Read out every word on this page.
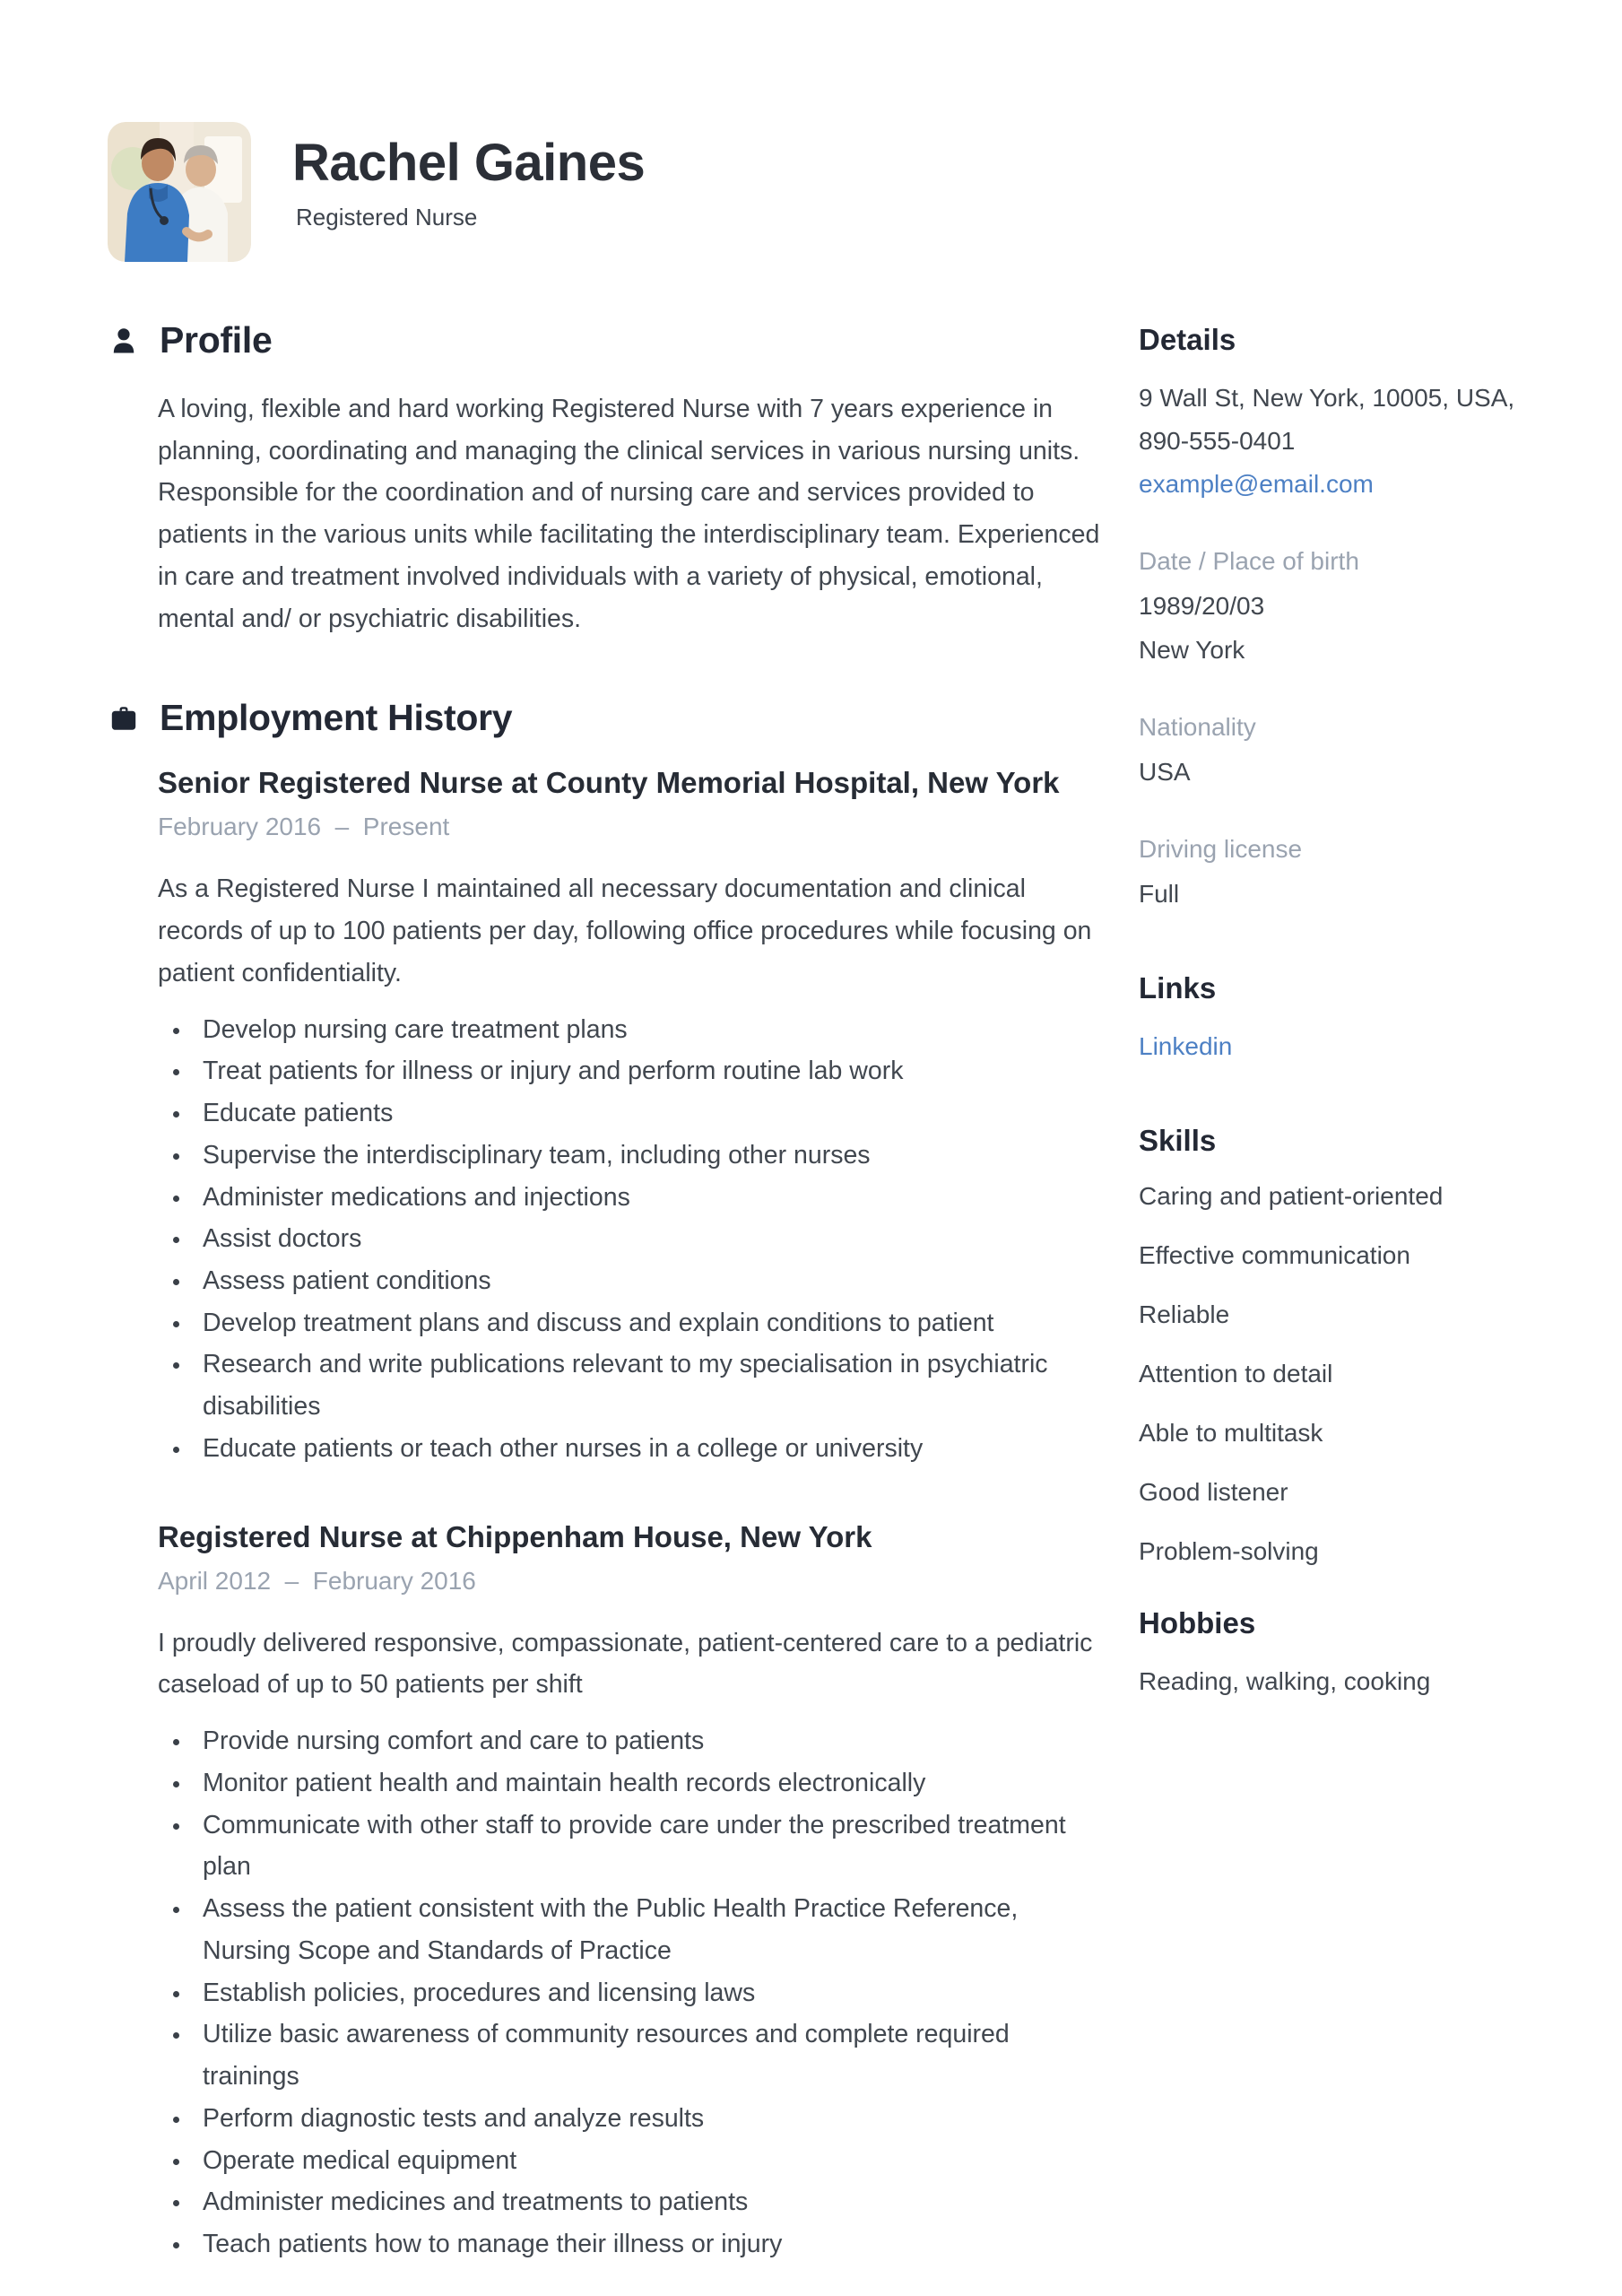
Rachel Gaines
Registered Nurse
Profile

A loving, flexible and hard working Registered Nurse with 7 years experience in planning, coordinating and managing the clinical services in various nursing units. Responsible for the coordination and of nursing care and services provided to patients in the various units while facilitating the interdisciplinary team. Experienced in care and treatment involved individuals with a variety of physical, emotional, mental and/ or psychiatric disabilities.

Employment History
Senior Registered Nurse at County Memorial Hospital, New York
February 2016  –  Present

As a Registered Nurse I maintained all necessary documentation and clinical records of up to 100 patients per day, following office procedures while focusing on patient confidentiality.

• Develop nursing care treatment plans
• Treat patients for illness or injury and perform routine lab work
• Educate patients
• Supervise the interdisciplinary team, including other nurses
• Administer medications and injections
• Assist doctors
• Assess patient conditions
• Develop treatment plans and discuss and explain conditions to patient
• Research and write publications relevant to my specialisation in psychiatric disabilities
• Educate patients or teach other nurses in a college or university
Registered Nurse at Chippenham House, New York
April 2012  –  February 2016

I proudly delivered responsive, compassionate, patient-centered care to a pediatric caseload of up to 50 patients per shift

• Provide nursing comfort and care to patients
• Monitor patient health and maintain health records electronically
• Communicate with other staff to provide care under the prescribed treatment plan
• Assess the patient consistent with the Public Health Practice Reference, Nursing Scope and Standards of Practice
• Establish policies, procedures and licensing laws
• Utilize basic awareness of community resources and complete required trainings
• Perform diagnostic tests and analyze results
• Operate medical equipment
• Administer medicines and treatments to patients
• Teach patients how to manage their illness or injury
Details

9 Wall St, New York, 10005, USA,

890-555-0401

example@email.com
Date / Place of birth

1989/20/03

New York

Nationality

USA

Driving license

Full

Links
Linkedin
Skills
Caring and patient-oriented
Effective communication
Reliable
Attention to detail
Able to multitask
Good listener
Problem-solving
Hobbies

Reading, walking, cooking
